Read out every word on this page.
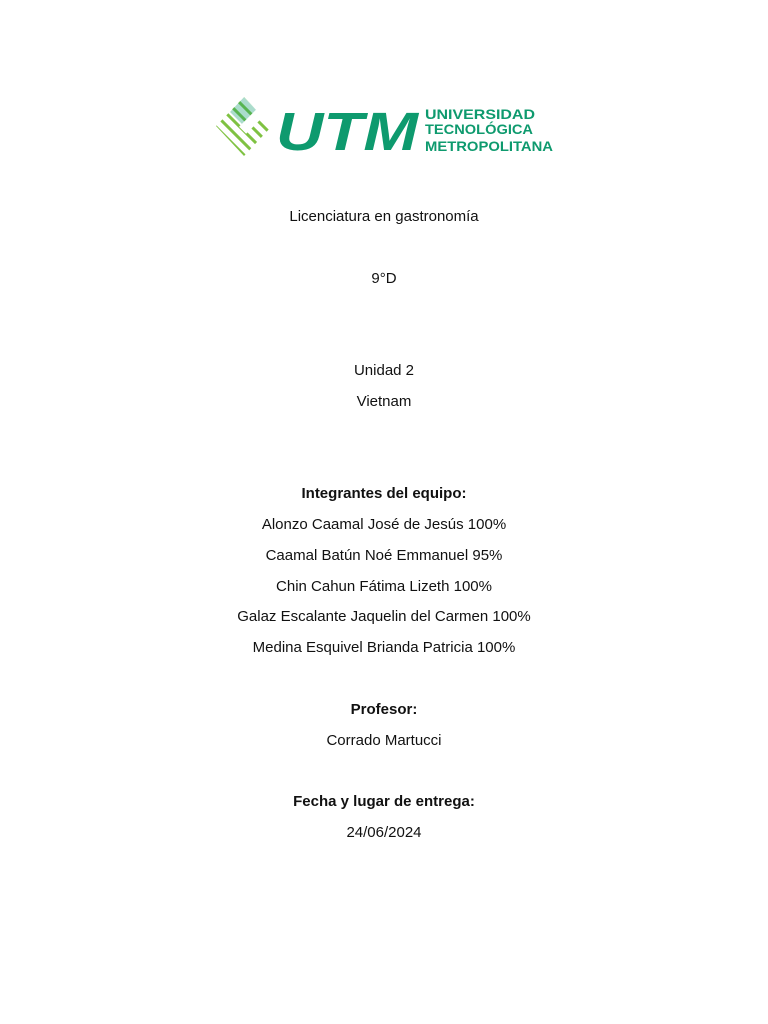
UTM UNIVERSIDAD
TECNOLÓGICA
METROPOLITANA
Licenciatura en gastronomía
9°D
Unidad 2
Vietnam
Integrantes del equipo:
Alonzo Caamal José de Jesús 100%
Caamal Batún Noé Emmanuel 95%
Chin Cahun Fátima Lizeth 100%
Galaz Escalante Jaquelin del Carmen 100%
Medina Esquivel Brianda Patricia 100%
Profesor:
Corrado Martucci
Fecha y lugar de entrega:
24/06/2024
